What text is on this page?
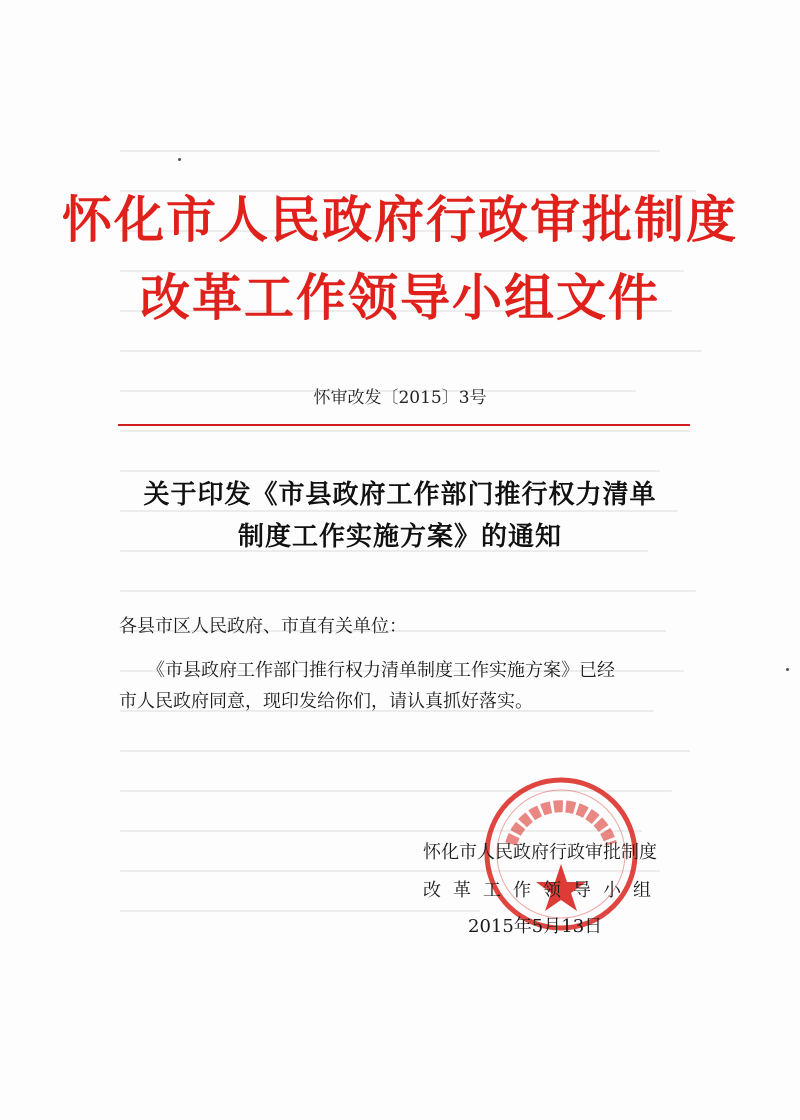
怀化市人民政府行政审批制度
改革工作领导小组文件
怀审改发〔2015〕3号
关于印发《市县政府工作部门推行权力清单
制度工作实施方案》的通知
各县市区人民政府、市直有关单位：
《市县政府工作部门推行权力清单制度工作实施方案》已经
市人民政府同意，现印发给你们，请认真抓好落实。
怀化市人民政府行政审批制度
改革工作领导小组
2015年5月13日
